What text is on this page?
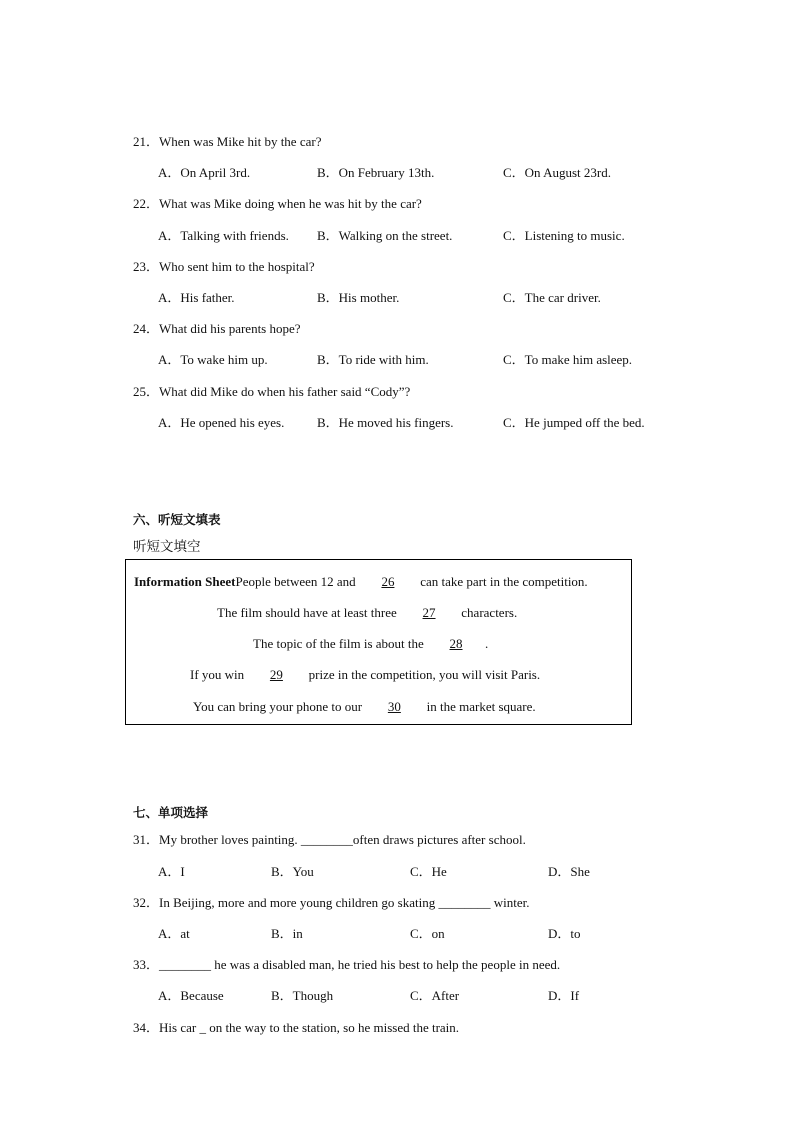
21．When was Mike hit by the car?
A．On April 3rd.	B．On February 13th.	C．On August 23rd.
22．What was Mike doing when he was hit by the car?
A．Talking with friends. B．Walking on the street.	C．Listening to music.
23．Who sent him to the hospital?
A．His father.	B．His mother.	C．The car driver.
24．What did his parents hope?
A．To wake him up.	B．To ride with him.	C．To make him asleep.
25．What did Mike do when his father said “Cody”?
A．He opened his eyes.	B．He moved his fingers.	C．He jumped off the bed.
六、听短文填表
听短文填空
Information SheetPeople between 12 and 26 can take part in the competition.
The film should have at least three 27 characters.
The topic of the film is about the 28 .
If you win 29 prize in the competition, you will visit Paris.
You can bring your phone to our 30 in the market square.
七、单项选择
31．My brother loves painting. ________often draws pictures after school.
A．I	B．You	C．He	D．She
32．In Beijing, more and more young children go skating ________ winter.
A．at	B．in	C．on	D．to
33．________ he was a disabled man, he tried his best to help the people in need.
A．Because	B．Though	C．After	D．If
34．His car _ on the way to the station, so he missed the train.
